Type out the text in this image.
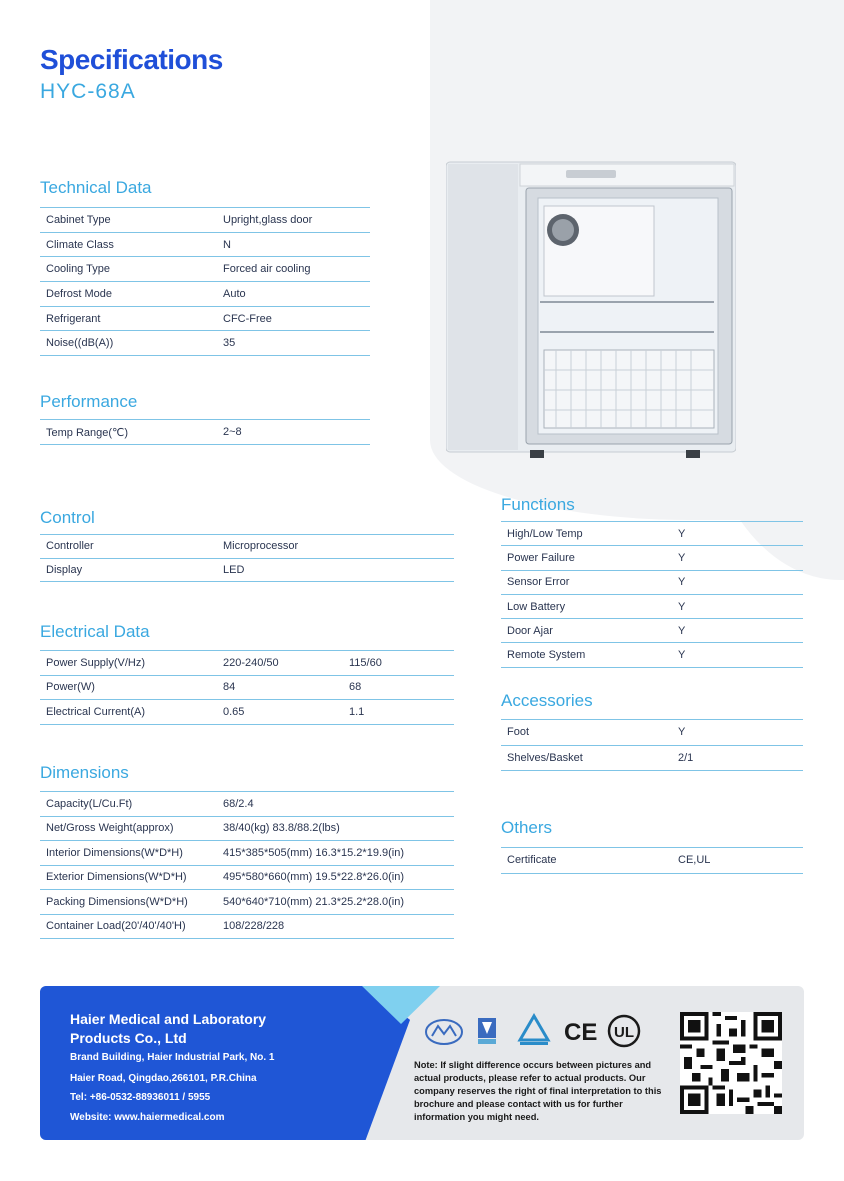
Specifications
HYC-68A
Technical Data
Cabinet Type	Upright,glass door
Climate Class	N
Cooling Type	Forced air cooling
Defrost Mode	Auto
Refrigerant	CFC-Free
Noise((dB(A))	35
Performance
Temp Range(℃)	2~8
Control
Controller	Microprocessor
Display	LED
Electrical Data
Power Supply(V/Hz)	220-240/50	115/60
Power(W)	84	68
Electrical Current(A)	0.65	1.1
Dimensions
Capacity(L/Cu.Ft)	68/2.4
Net/Gross Weight(approx)	38/40(kg) 83.8/88.2(lbs)
Interior Dimensions(W*D*H)	415*385*505(mm) 16.3*15.2*19.9(in)
Exterior Dimensions(W*D*H)	495*580*660(mm) 19.5*22.8*26.0(in)
Packing Dimensions(W*D*H)	540*640*710(mm) 21.3*25.2*28.0(in)
Container Load(20'/40'/40'H)	108/228/228
Functions
High/Low Temp	Y
Power Failure	Y
Sensor Error	Y
Low Battery	Y
Door Ajar	Y
Remote System	Y
Accessories
Foot	Y
Shelves/Basket	2/1
Others
Certificate	CE,UL
Haier Medical and Laboratory
Products Co., Ltd
Brand Building, Haier Industrial Park, No. 1
Haier Road, Qingdao,266101, P.R.China
Tel: +86-0532-88936011 / 5955
Website: www.haiermedical.com
CE UL
Note: If slight difference occurs between pictures and actual products, please refer to actual products. Our company reserves the right of final interpretation to this brochure and please contact with us for further information you might need.
